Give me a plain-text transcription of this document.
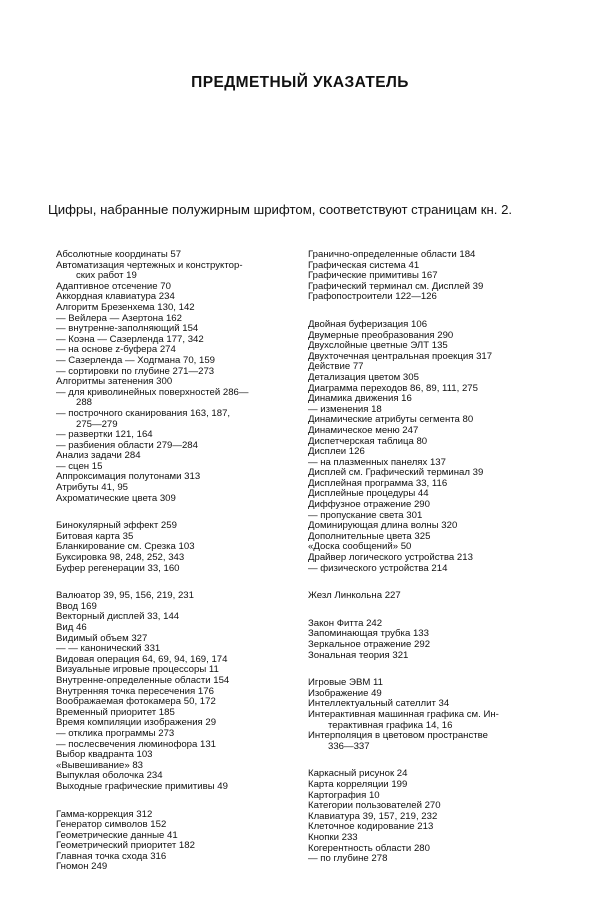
ПРЕДМЕТНЫЙ УКАЗАТЕЛЬ
Цифры, набранные полужирным шрифтом, соответствуют страницам кн. 2.
Абсолютные координаты 57
Автоматизация чертежных и конструктор-
ских работ 19
Адаптивное отсечение 70
Аккордная клавиатура 234
Алгоритм Брезенхема 130, 142
— Вейлера — Азертона 162
— внутренне-заполняющий 154
— Коэна — Сазерленда 177, 342
— на основе z-буфера 274
— Сазерленда — Ходгмана 70, 159
— сортировки по глубине 271—273
Алгоритмы затенения 300
— для криволинейных поверхностей 286—
288
— построчного сканирования 163, 187,
275—279
— развертки 121, 164
— разбиения области 279—284
Анализ задачи 284
— сцен 15
Аппроксимация полутонами 313
Атрибуты 41, 95
Ахроматические цвета 309
Бинокулярный эффект 259
Битовая карта 35
Бланкирование см. Срезка 103
Буксировка 98, 248, 252, 343
Буфер регенерации 33, 160
Валюатор 39, 95, 156, 219, 231
Ввод 169
Векторный дисплей 33, 144
Вид 46
Видимый объем 327
— — канонический 331
Видовая операция 64, 69, 94, 169, 174
Визуальные игровые процессоры 11
Внутренне-определенные области 154
Внутренняя точка пересечения 176
Воображаемая фотокамера 50, 172
Временный приоритет 185
Время компиляции изображения 29
— отклика программы 273
— послесвечения люминофора 131
Выбор квадранта 103
«Вывешивание» 83
Выпуклая оболочка 234
Выходные графические примитивы 49
Гамма-коррекция 312
Генератор символов 152
Геометрические данные 41
Геометрический приоритет 182
Главная точка схода 316
Гномон 249
Гранично-определенные области 184
Графическая система 41
Графические примитивы 167
Графический терминал см. Дисплей 39
Графопостроители 122—126
Двойная буферизация 106
Двумерные преобразования 290
Двухслойные цветные ЭЛТ 135
Двухточечная центральная проекция 317
Действие 77
Детализация цветом 305
Диаграмма переходов 86, 89, 111, 275
Динамика движения 16
— изменения 18
Динамические атрибуты сегмента 80
Динамическое меню 247
Диспетчерская таблица 80
Дисплеи 126
— на плазменных панелях 137
Дисплей см. Графический терминал 39
Дисплейная программа 33, 116
Дисплейные процедуры 44
Диффузное отражение 290
— пропускание света 301
Доминирующая длина волны 320
Дополнительные цвета 325
«Доска сообщений» 50
Драйвер логического устройства 213
— физического устройства 214
Жезл Линкольна 227
Закон Фитта 242
Запоминающая трубка 133
Зеркальное отражение 292
Зональная теория 321
Игровые ЭВМ 11
Изображение 49
Интеллектуальный сателлит 34
Интерактивная машинная графика см. Ин-
терактивная графика 14, 16
Интерполяция в цветовом пространстве
336—337
Каркасный рисунок 24
Карта корреляции 199
Картография 10
Категории пользователей 270
Клавиатура 39, 157, 219, 232
Клеточное кодирование 213
Кнопки 233
Когерентность области 280
— по глубине 278
